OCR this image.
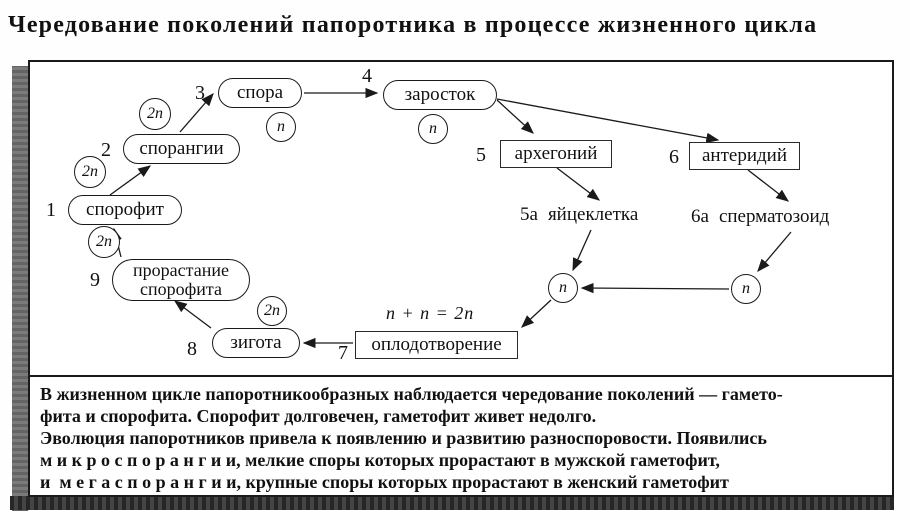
Чередование поколений папоротника в процессе жизненного цикла
1
2
3
4
5	6
7
8
9
спорофит
спорангии
спора	заросток
архегоний	антеридий
5а яйцеклетка	6а сперматозоид
n + n = 2n
оплодотворение
зигота
прорастание
спорофита
2n
2n
2n
2n
n	n
n	n
В жизненном цикле папоротникообразных наблюдается чередование поколений — гамето-
фита и спорофита. Спорофит долговечен, гаметофит живет недолго.
Эволюция папоротников привела к появлению и развитию разноспоровости. Появились
м и к р о с п о р а н г и и, мелкие споры которых прорастают в мужской гаметофит,
и  м е г а с п о р а н г и и, крупные споры которых прорастают в женский гаметофит
